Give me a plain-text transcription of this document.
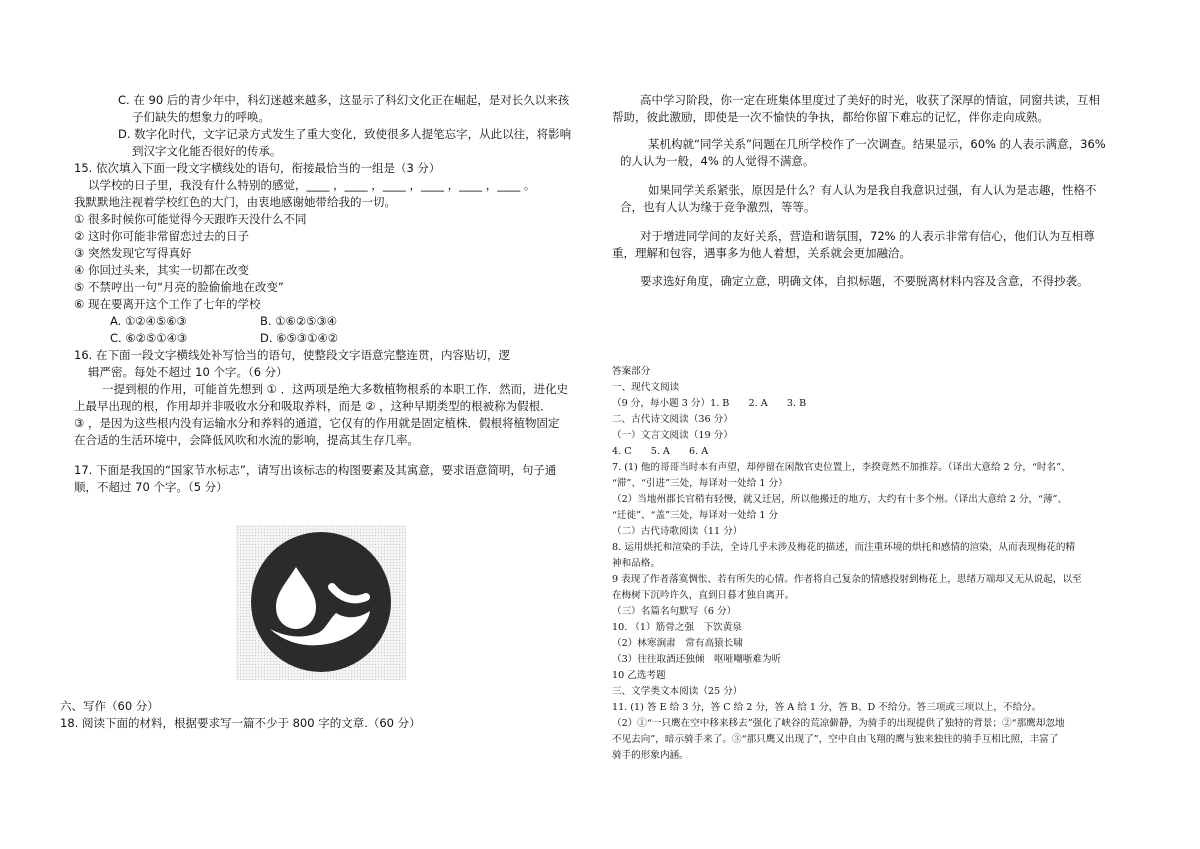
C. 在 90 后的青少年中，科幻迷越来越多，这显示了科幻文化正在崛起，是对长久以来孩
子们缺失的想象力的呼唤。
D. 数字化时代，文字记录方式发生了重大变化，致使很多人提笔忘字，从此以往，将影响
到汉字文化能否很好的传承。
15. 依次填入下面一段文字横线处的语句，衔接最恰当的一组是（3 分）
以学校的日子里，我没有什么特别的感觉，____ ，____ ，____ ，____ ，____ ，____ 。
我默默地注视着学校红色的大门，由衷地感谢她带给我的一切。
① 很多时候你可能觉得今天跟昨天没什么不同
② 这时你可能非常留恋过去的日子
③ 突然发现它写得真好
④ 你回过头来，其实一切都在改变
⑤ 不禁哼出一句“月亮的脸偷偷地在改变”
⑥ 现在要离开这个工作了七年的学校
A. ①②④⑤⑥③	B. ①⑥②⑤③④
C. ⑥②⑤①④③	D. ⑥⑤③①④②
16. 在下面一段文字横线处补写恰当的语句，使整段文字语意完整连贯，内容贴切，逻
辑严密。每处不超过 10 个字。（6 分）
一提到根的作用，可能首先想到 ① ．这两项是绝大多数植物根系的本职工作．然而，进化史
上最早出现的根，作用却并非吸收水分和吸取养料，而是 ② ，这种早期类型的根被称为假根．
③ ，是因为这些根内没有运输水分和养料的通道，它仅有的作用就是固定植株．假根将植物固定
在合适的生活环境中，会降低风吹和水流的影响，提高其生存几率。
17. 下面是我国的“国家节水标志”，请写出该标志的构图要素及其寓意，要求语意简明，句子通
顺，不超过 70 个字。（5 分）
六、写作（60 分）
18. 阅读下面的材料，根据要求写一篇不少于 800 字的文章.（60 分）
高中学习阶段，你一定在班集体里度过了美好的时光，收获了深厚的情谊，同窗共读，互相
帮助，彼此激励，即使是一次不愉快的争执，都给你留下难忘的记忆，伴你走向成熟。
某机构就“同学关系”问题在几所学校作了一次调查。结果显示，60% 的人表示满意，36%
的人认为一般，4% 的人觉得不满意。
如果同学关系紧张，原因是什么？有人认为是我自我意识过强，有人认为是志趣，性格不
合，也有人认为缘于竞争激烈，等等。
对于增进同学间的友好关系，营造和谐氛围，72% 的人表示非常有信心，他们认为互相尊
重，理解和包容，遇事多为他人着想，关系就会更加融洽。
要求选好角度，确定立意，明确文体，自拟标题，不要脱离材料内容及含意，不得抄袭。
答案部分
一、现代文阅读
（9 分，每小题 3 分）1. B　　2. A　　3. B
二、古代诗文阅读（36 分）
（一）文言文阅读（19 分）
4. C　　5. A　　6. A
7. (1) 他的哥哥当时本有声望，却停留在闲散官吏位置上，李揆竟然不加推荐。（译出大意给 2 分，“时名”、
“滞”、“引进”三处，每译对一处给 1 分）
（2）当地州郡长官稍有轻慢，就又迁居，所以他搬迁的地方，大约有十多个州。（译出大意给 2 分，“薄”、
“迁徙”、“盖”三处，每译对一处给 1 分
（二）古代诗歌阅读（11 分）
8. 运用烘托和渲染的手法，全诗几乎未涉及梅花的描述，而注重环境的烘托和感情的渲染，从而表现梅花的精
神和品格。
9 表现了作者落寞惆怅、若有所失的心情。作者将自己复杂的情感投射到梅花上，思绪万端却又无从说起，以至
在梅树下沉吟许久，直到日暮才独自离开。
（三）名篇名句默写（6 分）
10. （1）筋骨之强　下饮黄泉
（2）林寒涧肃　常有高猿长啸
（3）往往取酒还独倾　呕哑嘲哳难为听
10 乙选考题
三、文学类文本阅读（25 分）
11. (1) 答 E 给 3 分，答 C 给 2 分，答 A 给 1 分，答 B、D 不给分。答三项或三项以上，不给分。
（2）①“一只鹰在空中移来移去”强化了峡谷的荒凉僻静，为骑手的出现提供了独特的背景；②“那鹰却忽地
不见去向”，暗示骑手来了。③“那只鹰又出现了”，空中自由飞翔的鹰与独来独往的骑手互相比照，丰富了
骑手的形象内涵。
